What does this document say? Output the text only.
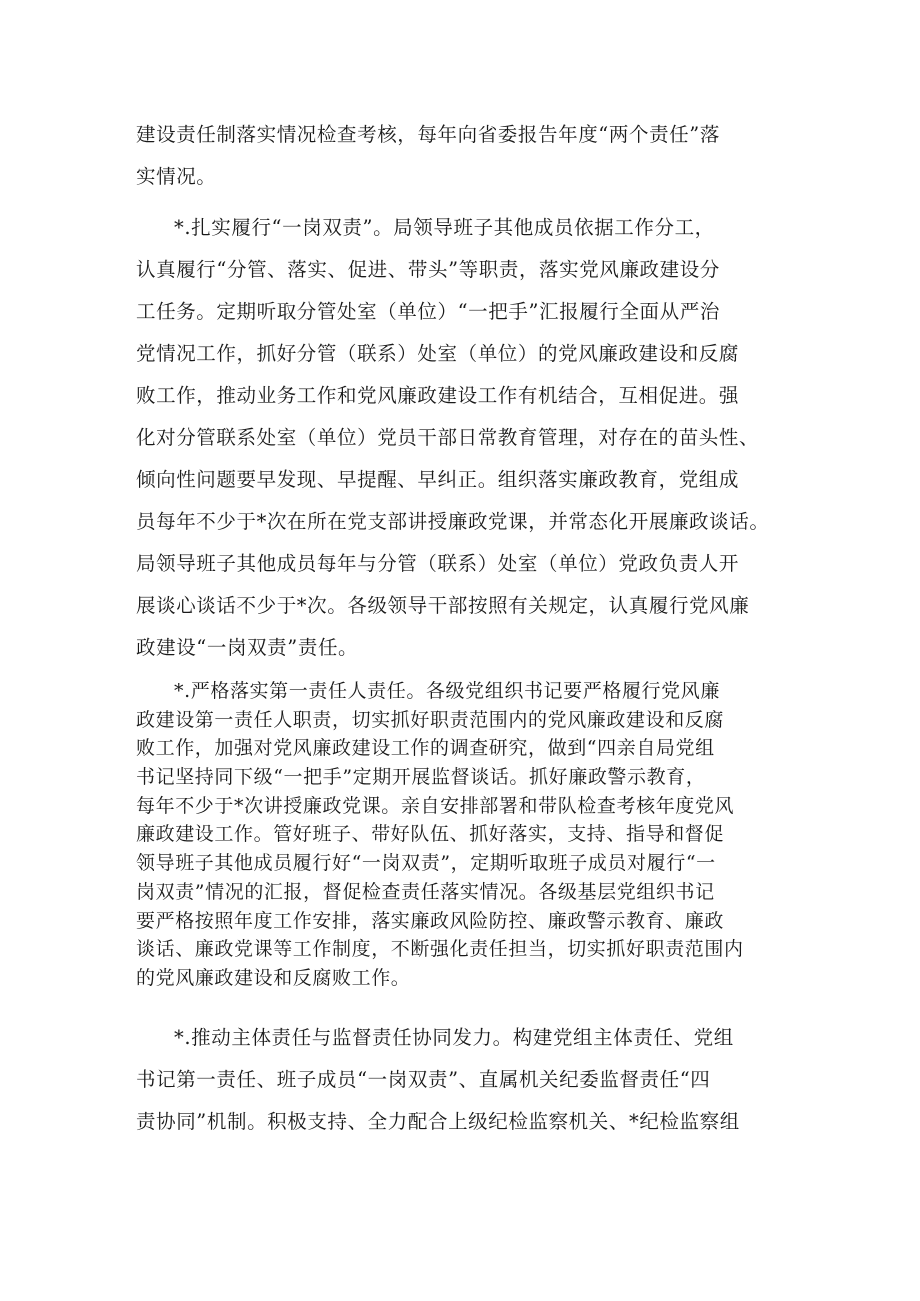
建设责任制落实情况检查考核，每年向省委报告年度“两个责任”落
实情况。

*.扎实履行“一岗双责”。局领导班子其他成员依据工作分工，
认真履行“分管、落实、促进、带头”等职责，落实党风廉政建设分
工任务。定期听取分管处室（单位）“一把手”汇报履行全面从严治
党情况工作，抓好分管（联系）处室（单位）的党风廉政建设和反腐
败工作，推动业务工作和党风廉政建设工作有机结合，互相促进。强
化对分管联系处室（单位）党员干部日常教育管理，对存在的苗头性、
倾向性问题要早发现、早提醒、早纠正。组织落实廉政教育，党组成
员每年不少于*次在所在党支部讲授廉政党课，并常态化开展廉政谈话。
局领导班子其他成员每年与分管（联系）处室（单位）党政负责人开
展谈心谈话不少于*次。各级领导干部按照有关规定，认真履行党风廉
政建设“一岗双责”责任。

*.严格落实第一责任人责任。各级党组织书记要严格履行党风廉
政建设第一责任人职责，切实抓好职责范围内的党风廉政建设和反腐
败工作，加强对党风廉政建设工作的调查研究，做到“四亲自局党组
书记坚持同下级“一把手”定期开展监督谈话。抓好廉政警示教育，
每年不少于*次讲授廉政党课。亲自安排部署和带队检查考核年度党风
廉政建设工作。管好班子、带好队伍、抓好落实，支持、指导和督促
领导班子其他成员履行好“一岗双责”，定期听取班子成员对履行“一
岗双责”情况的汇报，督促检查责任落实情况。各级基层党组织书记
要严格按照年度工作安排，落实廉政风险防控、廉政警示教育、廉政
谈话、廉政党课等工作制度，不断强化责任担当，切实抓好职责范围内
的党风廉政建设和反腐败工作。

*.推动主体责任与监督责任协同发力。构建党组主体责任、党组
书记第一责任、班子成员“一岗双责”、直属机关纪委监督责任“四
责协同”机制。积极支持、全力配合上级纪检监察机关、*纪检监察组
